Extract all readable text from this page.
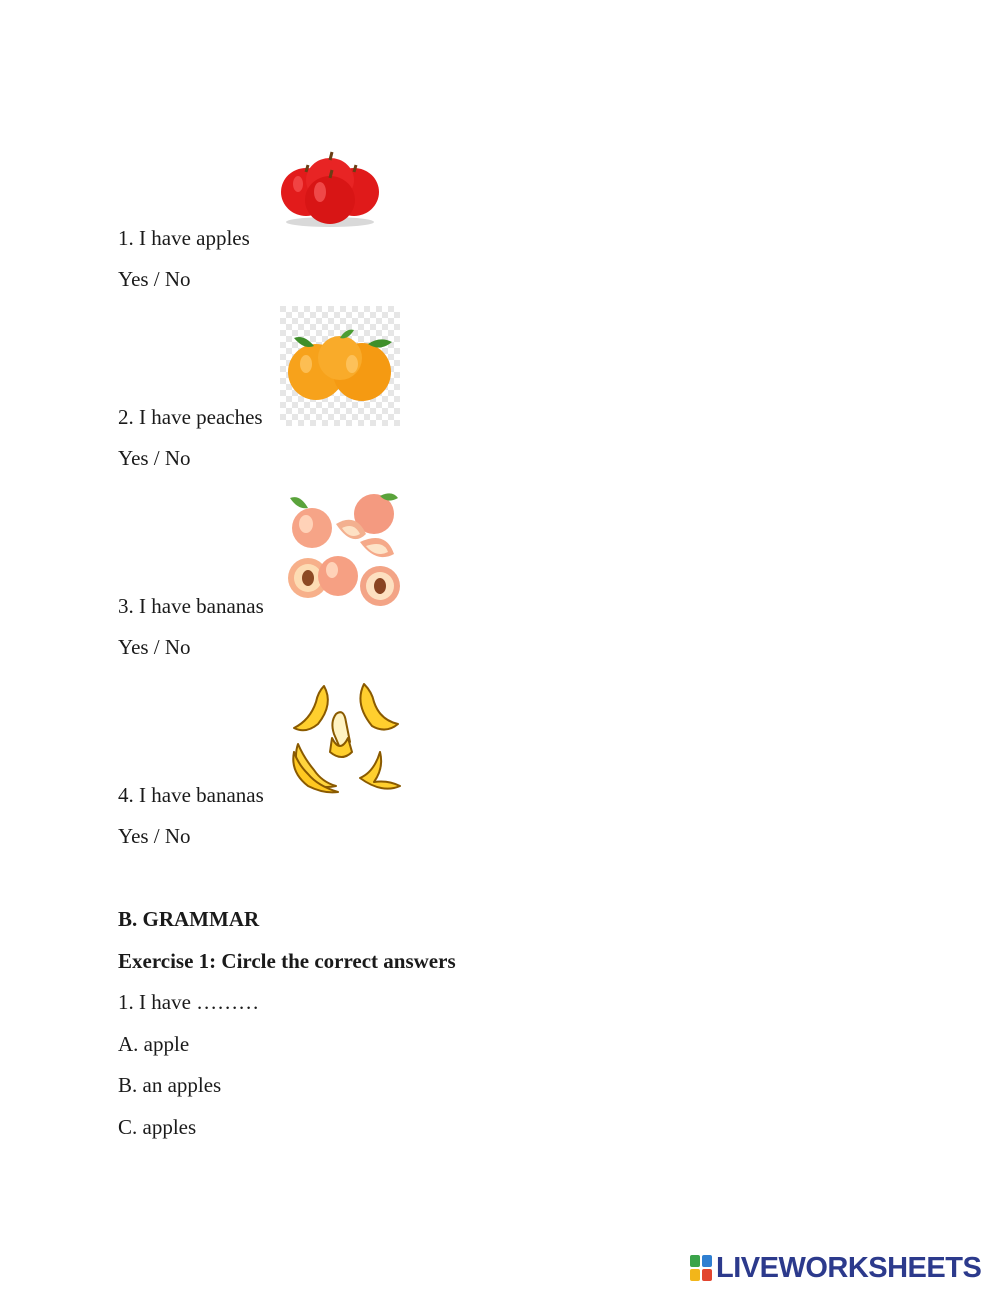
1. I have apples
Yes / No
2. I have peaches
Yes / No
3. I have bananas
Yes / No
4. I have bananas
Yes / No
B. GRAMMAR
Exercise 1: Circle the correct answers
1. I have ………
A. apple
B. an apples
C. apples
LIVEWORKSHEETS
